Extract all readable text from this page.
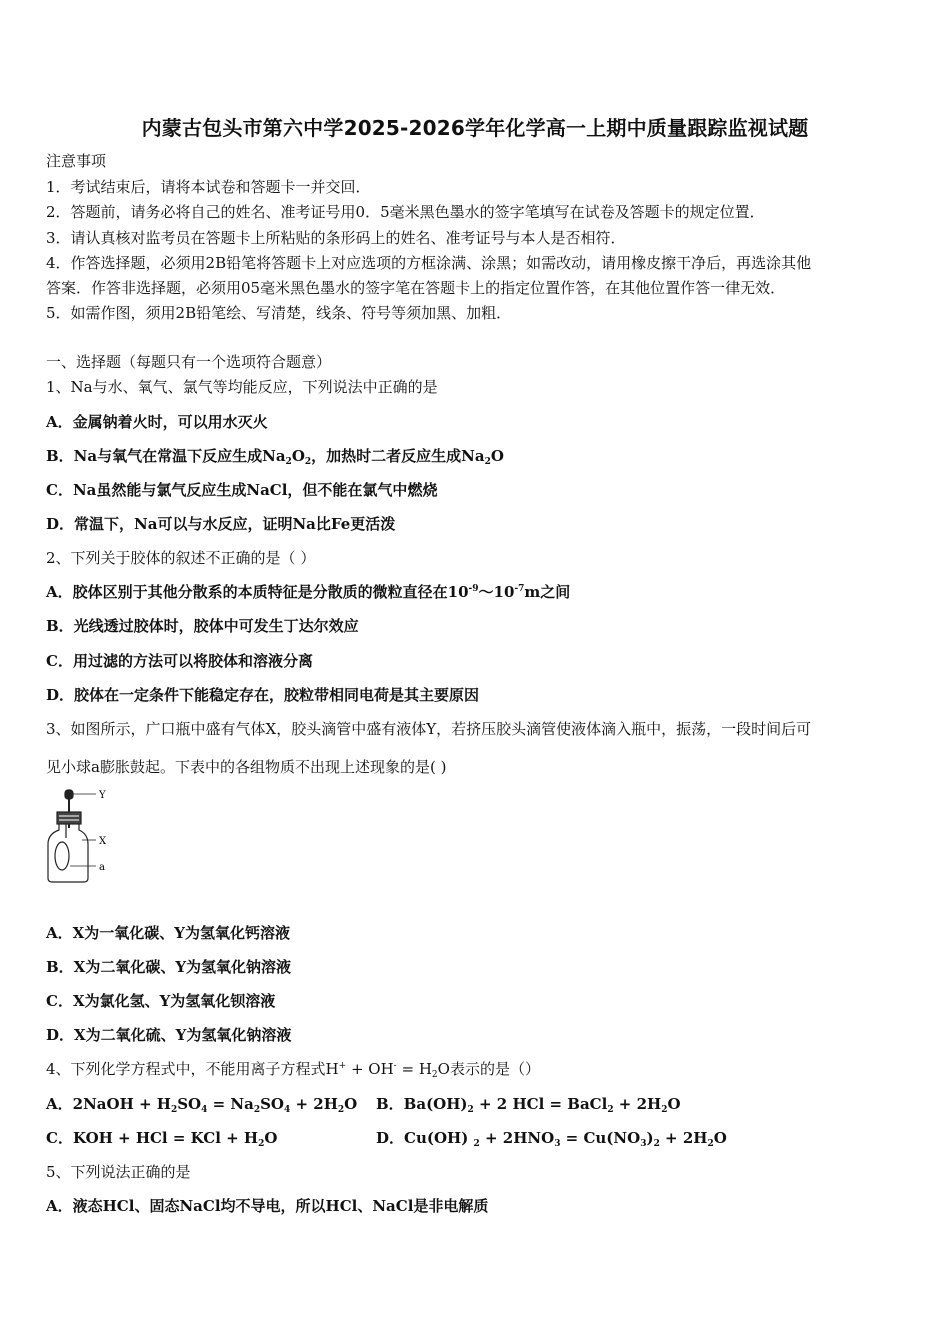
内蒙古包头市第六中学2025-2026学年化学高一上期中质量跟踪监视试题
注意事项
1．考试结束后，请将本试卷和答题卡一并交回．
2．答题前，请务必将自己的姓名、准考证号用0．5毫米黑色墨水的签字笔填写在试卷及答题卡的规定位置．
3．请认真核对监考员在答题卡上所粘贴的条形码上的姓名、准考证号与本人是否相符．
4．作答选择题，必须用2B铅笔将答题卡上对应选项的方框涂满、涂黑；如需改动，请用橡皮擦干净后，再选涂其他
答案．作答非选择题，必须用05毫米黑色墨水的签字笔在答题卡上的指定位置作答，在其他位置作答一律无效．
5．如需作图，须用2B铅笔绘、写清楚，线条、符号等须加黑、加粗．
一、选择题（每题只有一个选项符合题意）
1、Na与水、氧气、氯气等均能反应，下列说法中正确的是
A．金属钠着火时，可以用水灭火
B．Na与氧气在常温下反应生成$Na_2O_2$，加热时二者反应生成$Na_2O$
C．Na虽然能与氯气反应生成NaCl，但不能在氯气中燃烧
D．常温下，Na可以与水反应，证明Na比Fe更活泼
2、下列关于胶体的叙述不正确的是（ ）
A．胶体区别于其他分散系的本质特征是分散质的微粒直径在$10^{-9}\sim 10^{-7}m$之间
B．光线透过胶体时，胶体中可发生丁达尔效应
C．用过滤的方法可以将胶体和溶液分离
D．胶体在一定条件下能稳定存在，胶粒带相同电荷是其主要原因
3、如图所示，广口瓶中盛有气体X，胶头滴管中盛有液体Y，若挤压胶头滴管使液体滴入瓶中，振荡，一段时间后可
见小球a膨胀鼓起。下表中的各组物质不出现上述现象的是( )
Y
X
a
A．X为一氧化碳、Y为氢氧化钙溶液
B．X为二氧化碳、Y为氢氧化钠溶液
C．X为氯化氢、Y为氢氧化钡溶液
D．X为二氧化硫、Y为氢氧化钠溶液
4、下列化学方程式中，不能用离子方程式$H^+ + OH^- = H_2O$表示的是（）
A．2NaOH + $H_2SO_4 = Na_2SO_4 + 2H_2O$ B．$Ba(OH)_2 + 2$ HCl = BaCl$_2$ + $2H_2O$
C．KOH + HCl = KCl + $H_2O$	D．Cu(OH) $_2 + 2HNO_3 = Cu(NO_3)_2 + 2H_2O$
5、下列说法正确的是
A．液态HCl、固态NaCl均不导电，所以HCl、NaCl是非电解质
